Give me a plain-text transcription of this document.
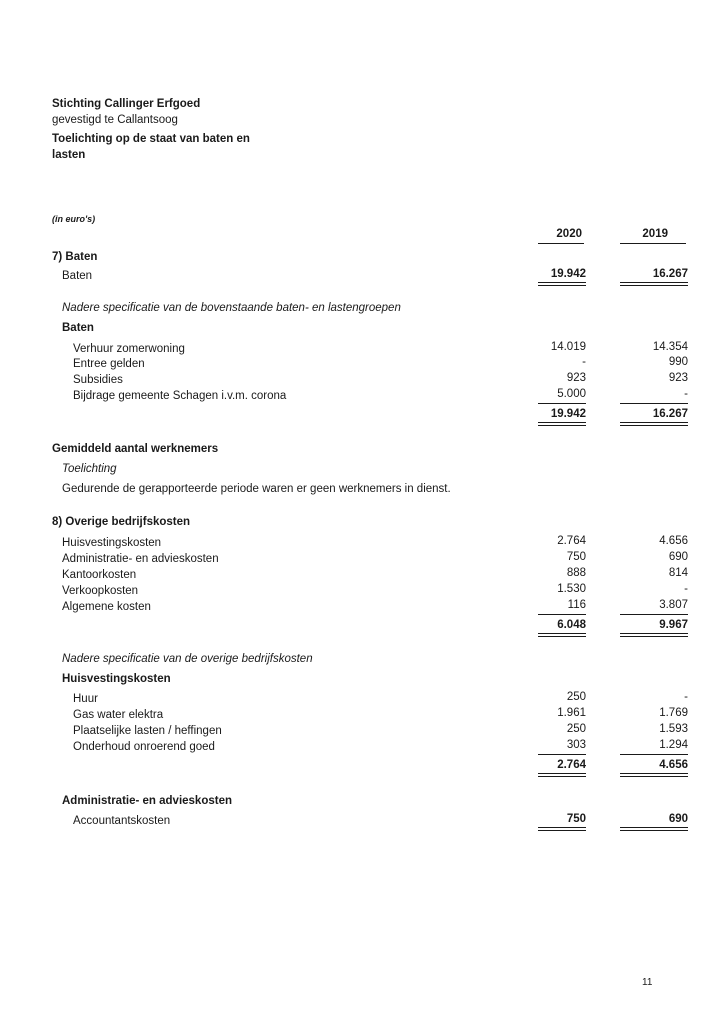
Stichting Callinger Erfgoed
gevestigd te Callantsoog
Toelichting op de staat van baten en
lasten
(in euro's)
2020	2019
7) Baten
Baten	19.942	16.267
Nadere specificatie van de bovenstaande baten- en lastengroepen
Baten
Verhuur zomerwoning	14.019	14.354
Entree gelden	-	990
Subsidies	923	923
Bijdrage gemeente Schagen i.v.m. corona	5.000	-
19.942	16.267
Gemiddeld aantal werknemers
Toelichting
Gedurende de gerapporteerde periode waren er geen werknemers in dienst.
8) Overige bedrijfskosten
Huisvestingskosten	2.764	4.656
Administratie- en advieskosten	750	690
Kantoorkosten	888	814
Verkoopkosten	1.530	-
Algemene kosten	116	3.807
6.048	9.967
Nadere specificatie van de overige bedrijfskosten
Huisvestingskosten
Huur	250	-
Gas water elektra	1.961	1.769
Plaatselijke lasten / heffingen	250	1.593
Onderhoud onroerend goed	303	1.294
2.764	4.656
Administratie- en advieskosten
Accountantskosten	750	690
11
